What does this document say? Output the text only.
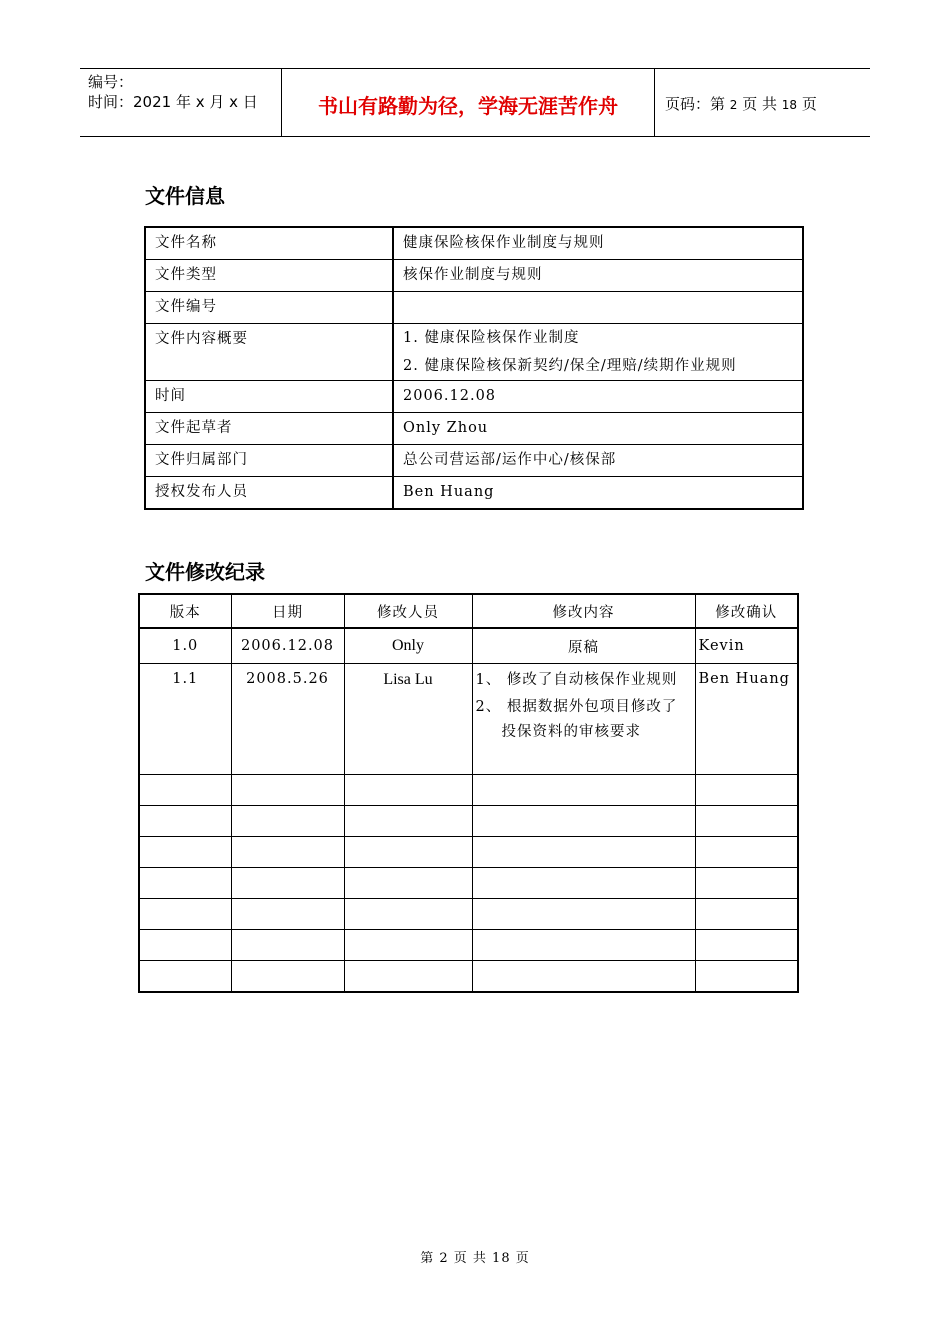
编号：
时间：2021 年 x 月 x 日	书山有路勤为径，学海无涯苦作舟	页码：第 2 页 共 18 页
文件信息
文件名称	健康保险核保作业制度与规则
文件类型	核保作业制度与规则
文件编号	
文件内容概要	1. 健康保险核保作业制度
2. 健康保险核保新契约/保全/理赔/续期作业规则

时间	2006.12.08
文件起草者	Only Zhou
文件归属部门	总公司营运部/运作中心/核保部
授权发布人员	Ben Huang
文件修改纪录
版本	日期	修改人员	修改内容	修改确认
1.0	2006.12.08	Only	原稿	Kevin
1.1	2008.5.26	Lisa Lu	1、 修改了自动核保作业规则
2、 根据数据外包项目修改了投保资料的审核要求	Ben Huang

第 2 页 共 18 页
